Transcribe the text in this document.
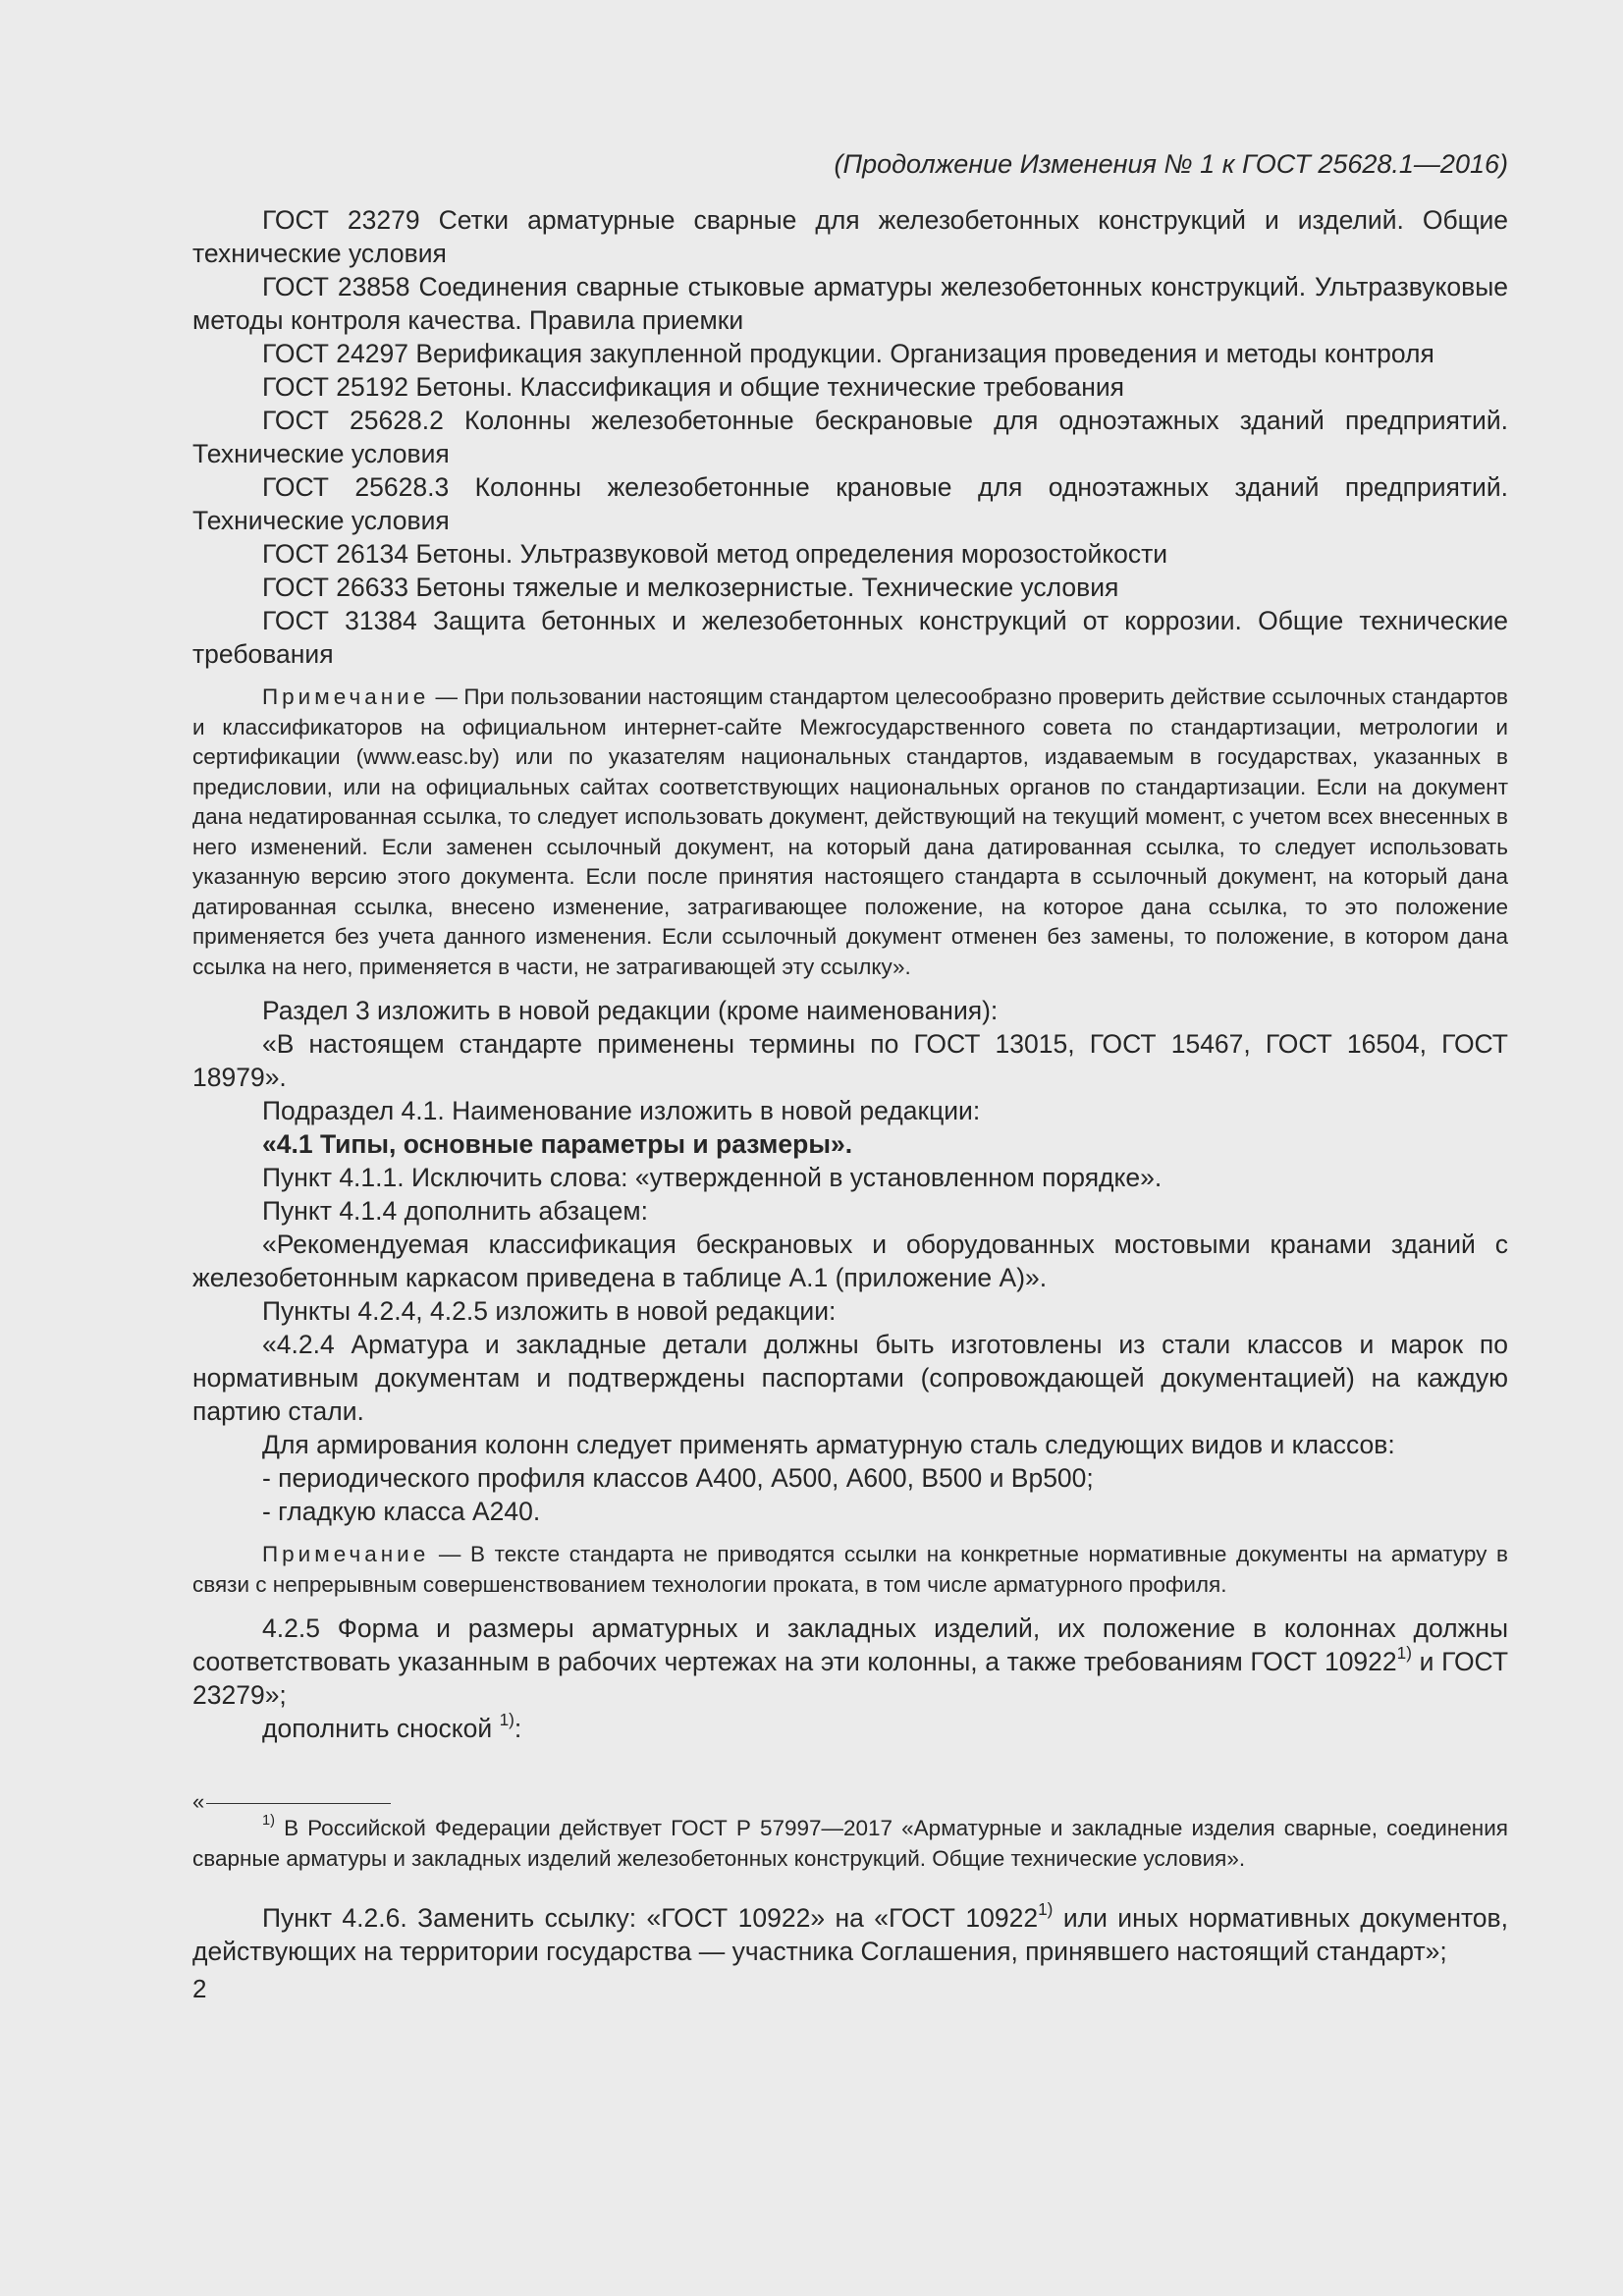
(Продолжение Изменения № 1 к ГОСТ 25628.1—2016)

ГОСТ 23279 Сетки арматурные сварные для железобетонных конструкций и изделий. Общие технические условия

ГОСТ 23858 Соединения сварные стыковые арматуры железобетонных конструкций. Ультразвуковые методы контроля качества. Правила приемки

ГОСТ 24297 Верификация закупленной продукции. Организация проведения и методы контроля

ГОСТ 25192 Бетоны. Классификация и общие технические требования

ГОСТ 25628.2 Колонны железобетонные бескрановые для одноэтажных зданий предприятий. Технические условия

ГОСТ 25628.3 Колонны железобетонные крановые для одноэтажных зданий предприятий. Технические условия

ГОСТ 26134 Бетоны. Ультразвуковой метод определения морозостойкости

ГОСТ 26633 Бетоны тяжелые и мелкозернистые. Технические условия

ГОСТ 31384 Защита бетонных и железобетонных конструкций от коррозии. Общие технические требования

Примечание — При пользовании настоящим стандартом целесообразно проверить действие ссылочных стандартов и классификаторов на официальном интернет-сайте Межгосударственного совета по стандартизации, метрологии и сертификации (www.easc.by) или по указателям национальных стандартов, издаваемым в государствах, указанных в предисловии, или на официальных сайтах соответствующих национальных органов по стандартизации. Если на документ дана недатированная ссылка, то следует использовать документ, действующий на текущий момент, с учетом всех внесенных в него изменений. Если заменен ссылочный документ, на который дана датированная ссылка, то следует использовать указанную версию этого документа. Если после принятия настоящего стандарта в ссылочный документ, на который дана датированная ссылка, внесено изменение, затрагивающее положение, на которое дана ссылка, то это положение применяется без учета данного изменения. Если ссылочный документ отменен без замены, то положение, в котором дана ссылка на него, применяется в части, не затрагивающей эту ссылку».

Раздел 3 изложить в новой редакции (кроме наименования):

«В настоящем стандарте применены термины по ГОСТ 13015, ГОСТ 15467, ГОСТ 16504, ГОСТ 18979».

Подраздел 4.1. Наименование изложить в новой редакции:

«4.1 Типы, основные параметры и размеры».

Пункт 4.1.1. Исключить слова: «утвержденной в установленном порядке».

Пункт 4.1.4 дополнить абзацем:

«Рекомендуемая классификация бескрановых и оборудованных мостовыми кранами зданий с железобетонным каркасом приведена в таблице А.1 (приложение А)».

Пункты 4.2.4, 4.2.5 изложить в новой редакции:

«4.2.4 Арматура и закладные детали должны быть изготовлены из стали классов и марок по нормативным документам и подтверждены паспортами (сопровождающей документацией) на каждую партию стали.

Для армирования колонн следует применять арматурную сталь следующих видов и классов:

- периодического профиля классов А400, А500, А600, В500 и Вр500;

- гладкую класса А240.

Примечание — В тексте стандарта не приводятся ссылки на конкретные нормативные документы на арматуру в связи с непрерывным совершенствованием технологии проката, в том числе арматурного профиля.

4.2.5 Форма и размеры арматурных и закладных изделий, их положение в колоннах должны соответствовать указанным в рабочих чертежах на эти колонны, а также требованиям ГОСТ 10922$^{1)}$ и ГОСТ 23279»;

дополнить сноской $^{1)}$:

«

$^{1)}$ В Российской Федерации действует ГОСТ Р 57997—2017 «Арматурные и закладные изделия сварные, соединения сварные арматуры и закладных изделий железобетонных конструкций. Общие технические условия».

Пункт 4.2.6. Заменить ссылку: «ГОСТ 10922» на «ГОСТ 10922$^{1)}$ или иных нормативных документов, действующих на территории государства — участника Соглашения, принявшего настоящий стандарт»;

2
